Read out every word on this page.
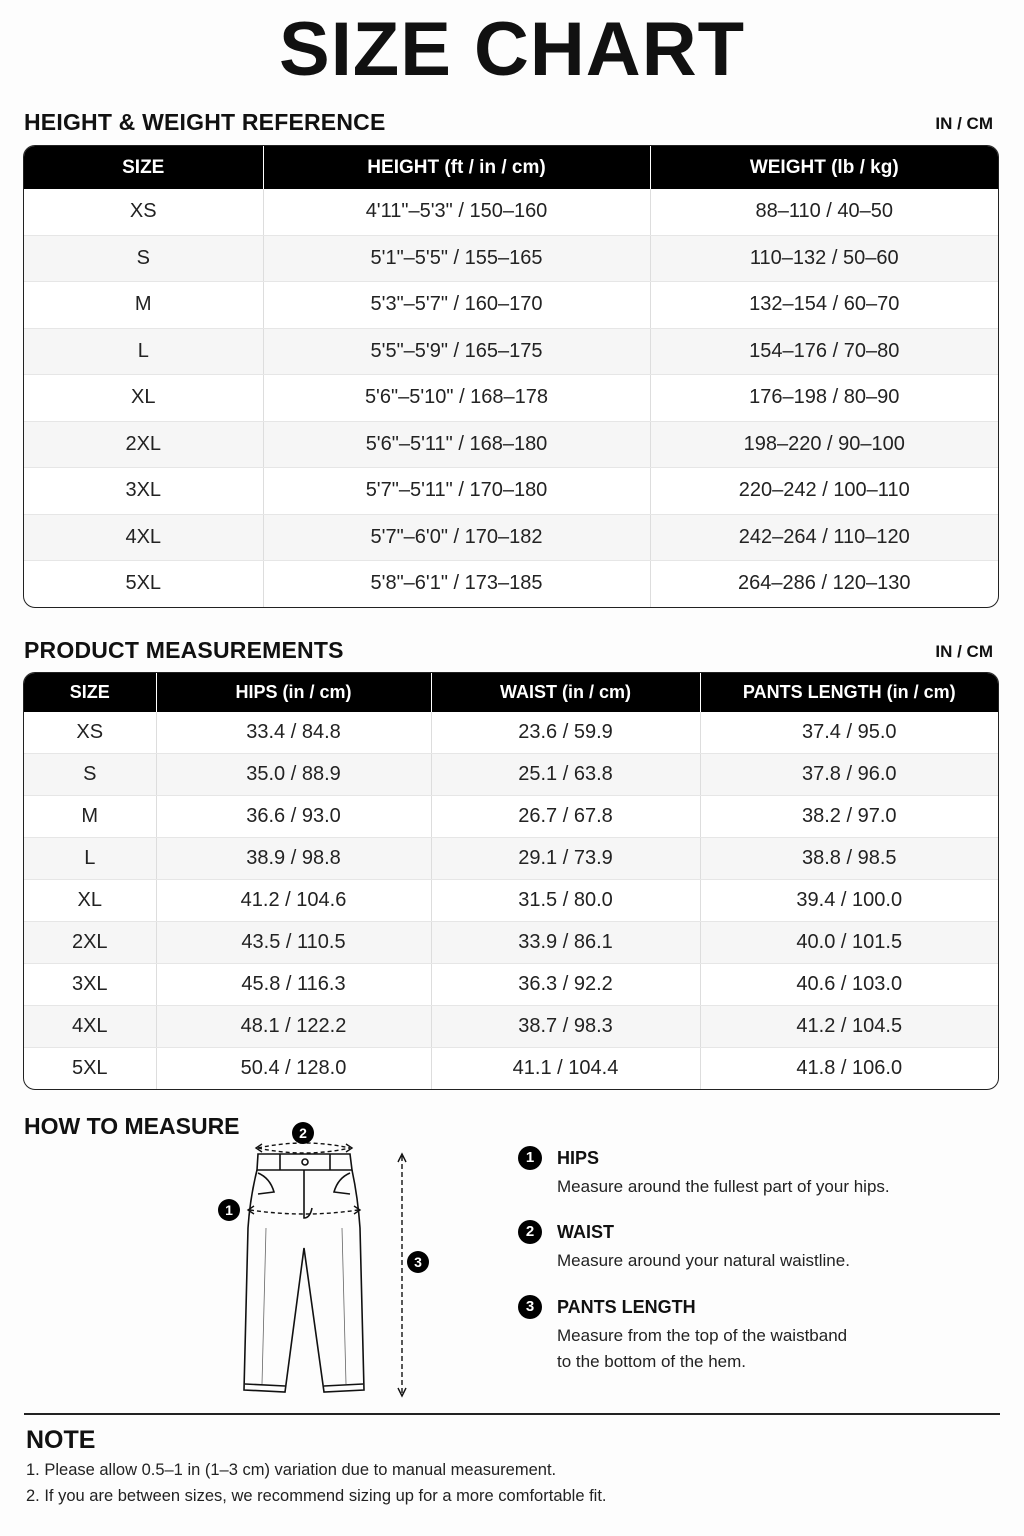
SIZE CHART
HEIGHT & WEIGHT REFERENCE	IN / CM
SIZE	HEIGHT (ft / in / cm)	WEIGHT (lb / kg)
XS	4'11"–5'3" / 150–160	88–110 / 40–50
S	5'1"–5'5" / 155–165	110–132 / 50–60
M	5'3"–5'7" / 160–170	132–154 / 60–70
L	5'5"–5'9" / 165–175	154–176 / 70–80
XL	5'6"–5'10" / 168–178	176–198 / 80–90
2XL	5'6"–5'11" / 168–180	198–220 / 90–100
3XL	5'7"–5'11" / 170–180	220–242 / 100–110
4XL	5'7"–6'0" / 170–182	242–264 / 110–120
5XL	5'8"–6'1" / 173–185	264–286 / 120–130
PRODUCT MEASUREMENTS	IN / CM
SIZE	HIPS (in / cm)	WAIST (in / cm)	PANTS LENGTH (in / cm)
XS	33.4 / 84.8	23.6 / 59.9	37.4 / 95.0
S	35.0 / 88.9	25.1 / 63.8	37.8 / 96.0
M	36.6 / 93.0	26.7 / 67.8	38.2 / 97.0
L	38.9 / 98.8	29.1 / 73.9	38.8 / 98.5
XL	41.2 / 104.6	31.5 / 80.0	39.4 / 100.0
2XL	43.5 / 110.5	33.9 / 86.1	40.0 / 101.5
3XL	45.8 / 116.3	36.3 / 92.2	40.6 / 103.0
4XL	48.1 / 122.2	38.7 / 98.3	41.2 / 104.5
5XL	50.4 / 128.0	41.1 / 104.4	41.8 / 106.0
HOW TO MEASURE	2
1
3
1	HIPS
Measure around the fullest part of your hips.
2	WAIST
Measure around your natural waistline.
3	PANTS LENGTH
Measure from the top of the waistband
to the bottom of the hem.
NOTE
1. Please allow 0.5–1 in (1–3 cm) variation due to manual measurement.
2. If you are between sizes, we recommend sizing up for a more comfortable fit.
